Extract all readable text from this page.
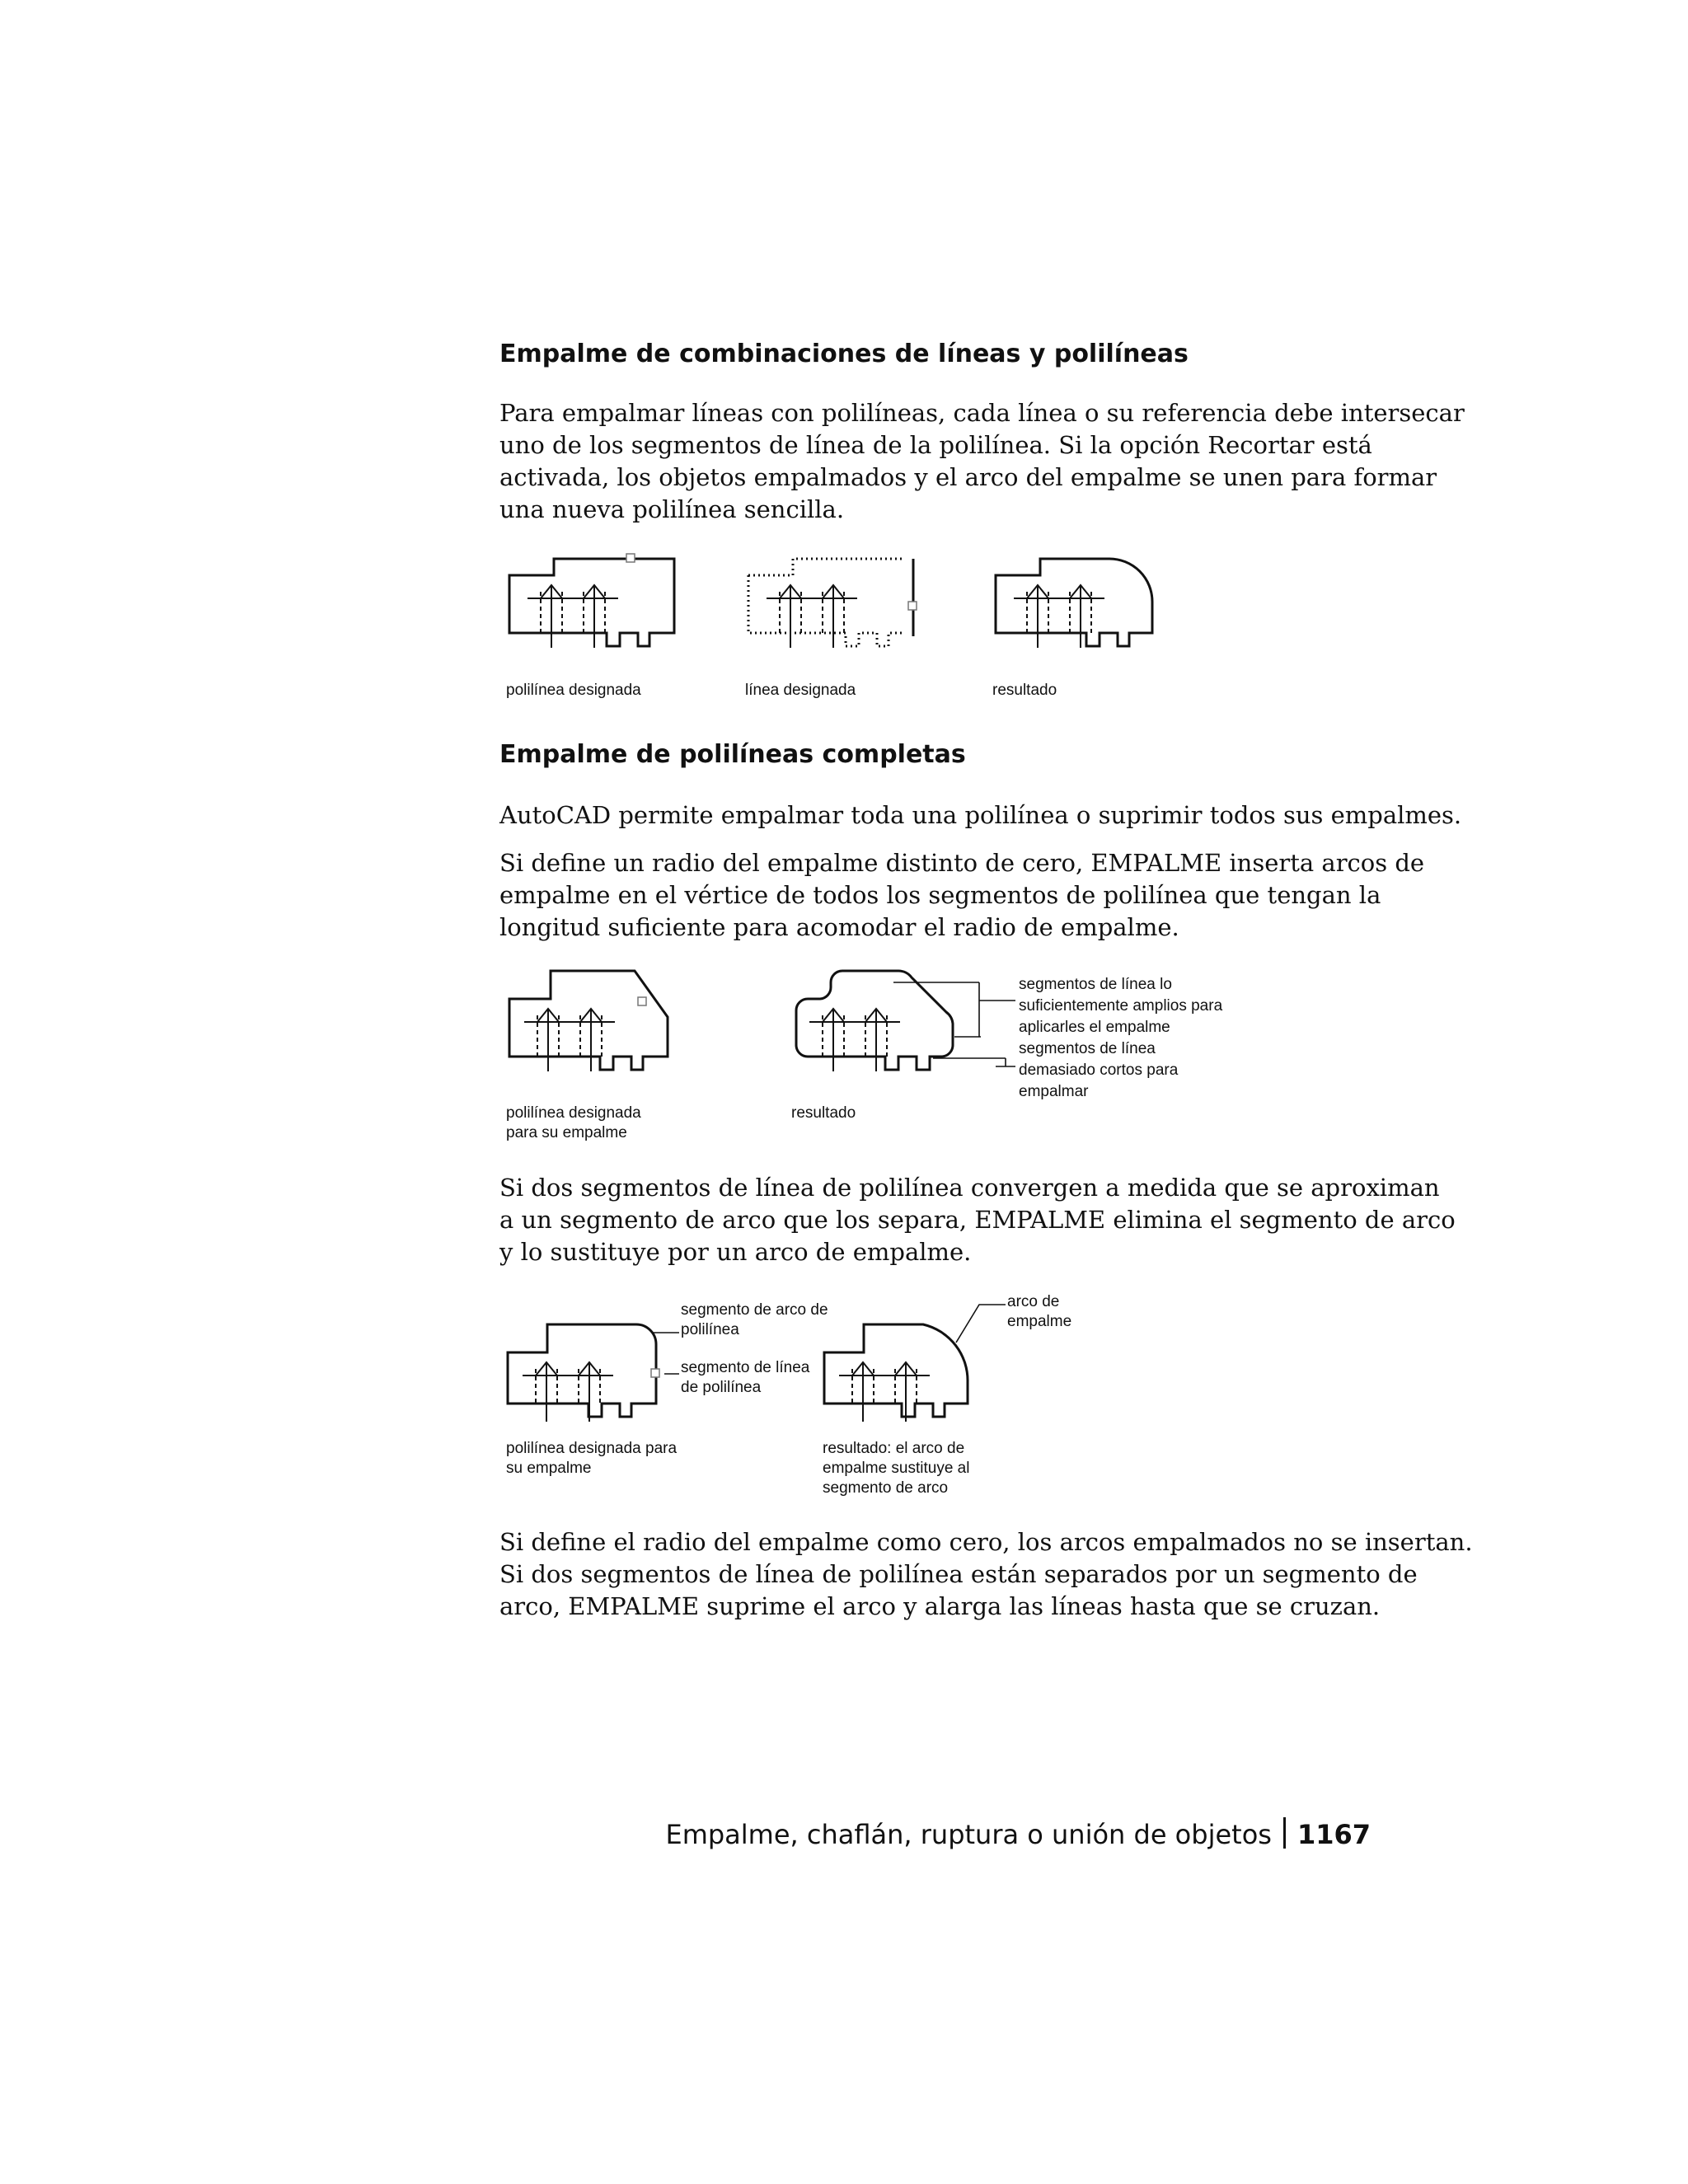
Empalme de combinaciones de líneas y polilíneas
Para empalmar líneas con polilíneas, cada línea o su referencia debe intersecar
uno de los segmentos de línea de la polilínea. Si la opción Recortar está
activada, los objetos empalmados y el arco del empalme se unen para formar
una nueva polilínea sencilla.
polilínea designada	línea designada	resultado
Empalme de polilíneas completas
AutoCAD permite empalmar toda una polilínea o suprimir todos sus empalmes.
Si define un radio del empalme distinto de cero, EMPALME inserta arcos de
empalme en el vértice de todos los segmentos de polilínea que tengan la
longitud suficiente para acomodar el radio de empalme.
polilínea designada
para su empalme
resultado
segmentos de línea lo
suficientemente amplios para
aplicarles el empalme
segmentos de línea
demasiado cortos para
empalmar
Si dos segmentos de línea de polilínea convergen a medida que se aproximan
a un segmento de arco que los separa, EMPALME elimina el segmento de arco
y lo sustituye por un arco de empalme.
segmento de arco de
polilínea
segmento de línea
de polilínea
polilínea designada para
su empalme
arco de
empalme
resultado: el arco de
empalme sustituye al
segmento de arco
Si define el radio del empalme como cero, los arcos empalmados no se insertan.
Si dos segmentos de línea de polilínea están separados por un segmento de
arco, EMPALME suprime el arco y alarga las líneas hasta que se cruzan.
Empalme, chaflán, ruptura o unión de objetos 1167
